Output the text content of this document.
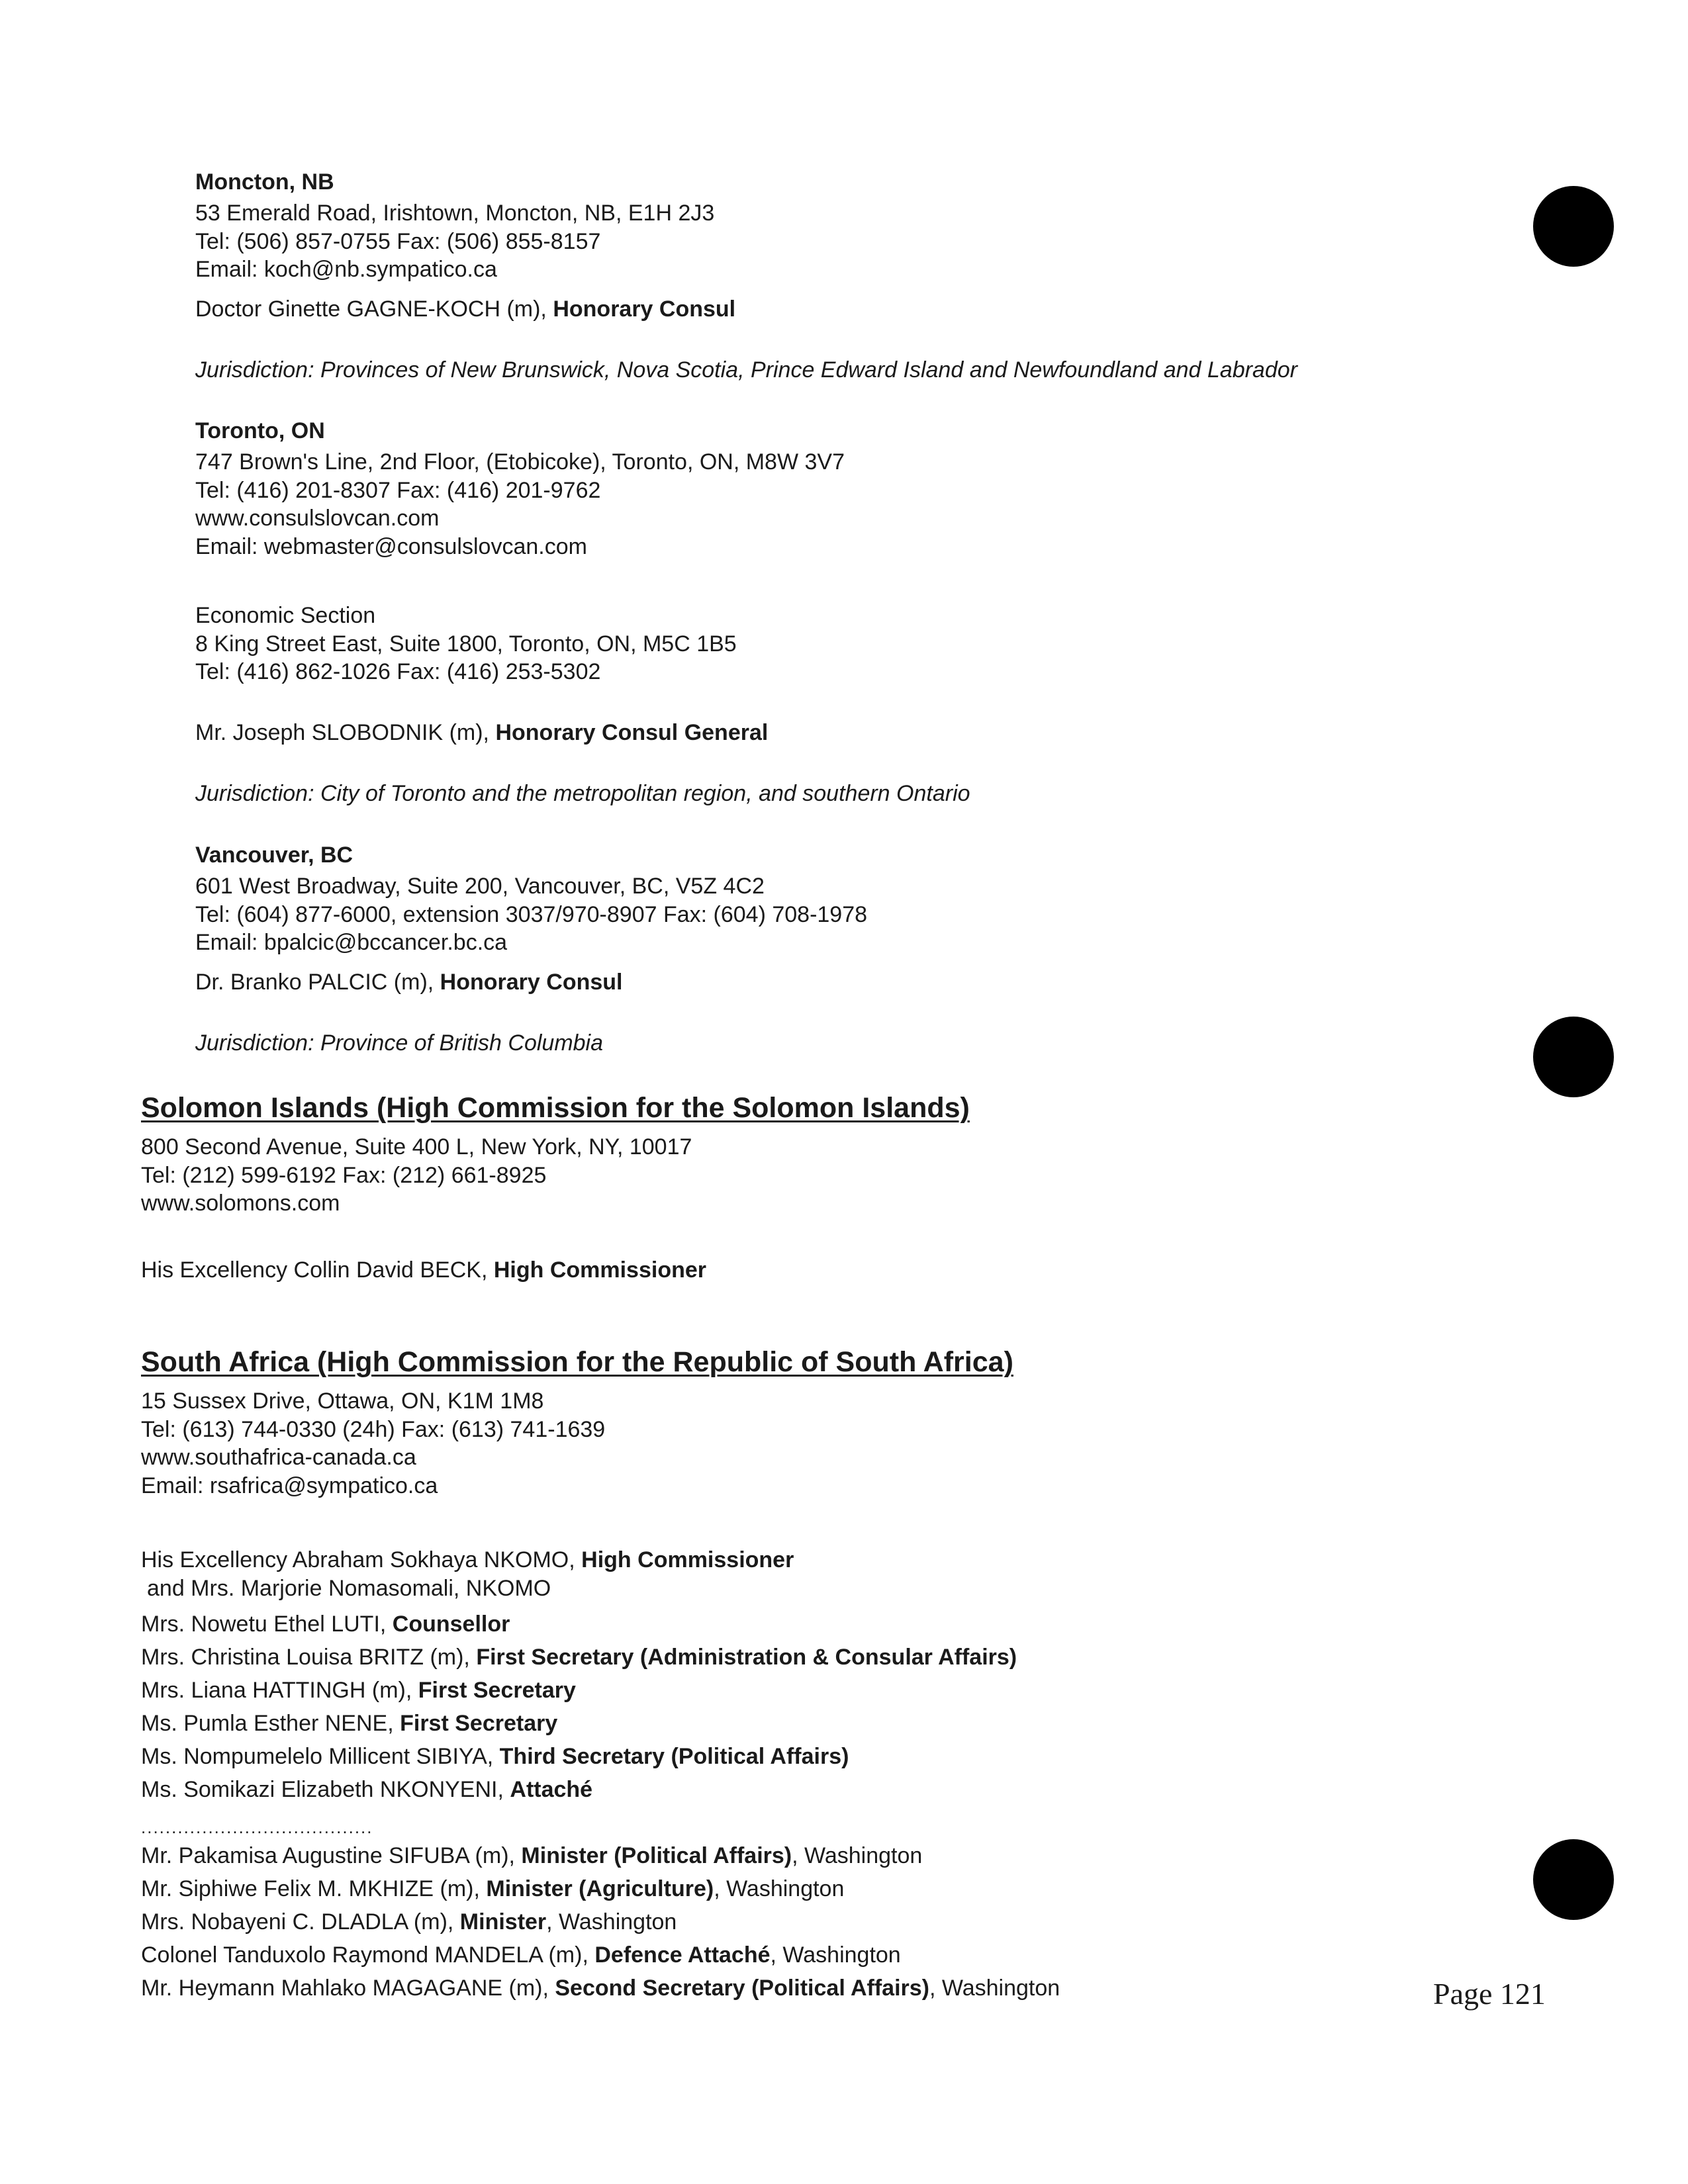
Moncton, NB
53 Emerald Road, Irishtown, Moncton, NB, E1H 2J3
Tel: (506) 857-0755 Fax: (506) 855-8157
Email: koch@nb.sympatico.ca
Doctor Ginette GAGNE-KOCH (m), Honorary Consul
Jurisdiction: Provinces of New Brunswick, Nova Scotia, Prince Edward Island and Newfoundland and Labrador
Toronto, ON
747 Brown's Line, 2nd Floor, (Etobicoke), Toronto, ON, M8W 3V7
Tel: (416) 201-8307 Fax: (416) 201-9762
www.consulslovcan.com
Email: webmaster@consulslovcan.com
Economic Section
8 King Street East, Suite 1800, Toronto, ON, M5C 1B5
Tel: (416) 862-1026 Fax: (416) 253-5302
Mr. Joseph SLOBODNIK (m), Honorary Consul General
Jurisdiction: City of Toronto and the metropolitan region, and southern Ontario
Vancouver, BC
601 West Broadway, Suite 200, Vancouver, BC, V5Z 4C2
Tel: (604) 877-6000, extension 3037/970-8907 Fax: (604) 708-1978
Email: bpalcic@bccancer.bc.ca
Dr. Branko PALCIC (m), Honorary Consul
Jurisdiction: Province of British Columbia
Solomon Islands (High Commission for the Solomon Islands)
800 Second Avenue, Suite 400 L, New York, NY, 10017
Tel: (212) 599-6192 Fax: (212) 661-8925
www.solomons.com
His Excellency Collin David BECK, High Commissioner
South Africa (High Commission for the Republic of South Africa)
15 Sussex Drive, Ottawa, ON, K1M 1M8
Tel: (613) 744-0330 (24h) Fax: (613) 741-1639
www.southafrica-canada.ca
Email: rsafrica@sympatico.ca
His Excellency Abraham Sokhaya NKOMO, High Commissioner
and Mrs. Marjorie Nomasomali, NKOMO
Mrs. Nowetu Ethel LUTI, Counsellor
Mrs. Christina Louisa BRITZ (m), First Secretary (Administration & Consular Affairs)
Mrs. Liana HATTINGH (m), First Secretary
Ms. Pumla Esther NENE, First Secretary
Ms. Nompumelelo Millicent SIBIYA, Third Secretary (Political Affairs)
Ms. Somikazi Elizabeth NKONYENI, Attaché
......................................
Mr. Pakamisa Augustine SIFUBA (m), Minister (Political Affairs), Washington
Mr. Siphiwe Felix M. MKHIZE (m), Minister (Agriculture), Washington
Mrs. Nobayeni C. DLADLA (m), Minister, Washington
Colonel Tanduxolo Raymond MANDELA (m), Defence Attaché, Washington
Mr. Heymann Mahlako MAGAGANE (m), Second Secretary (Political Affairs), Washington	Page 121
